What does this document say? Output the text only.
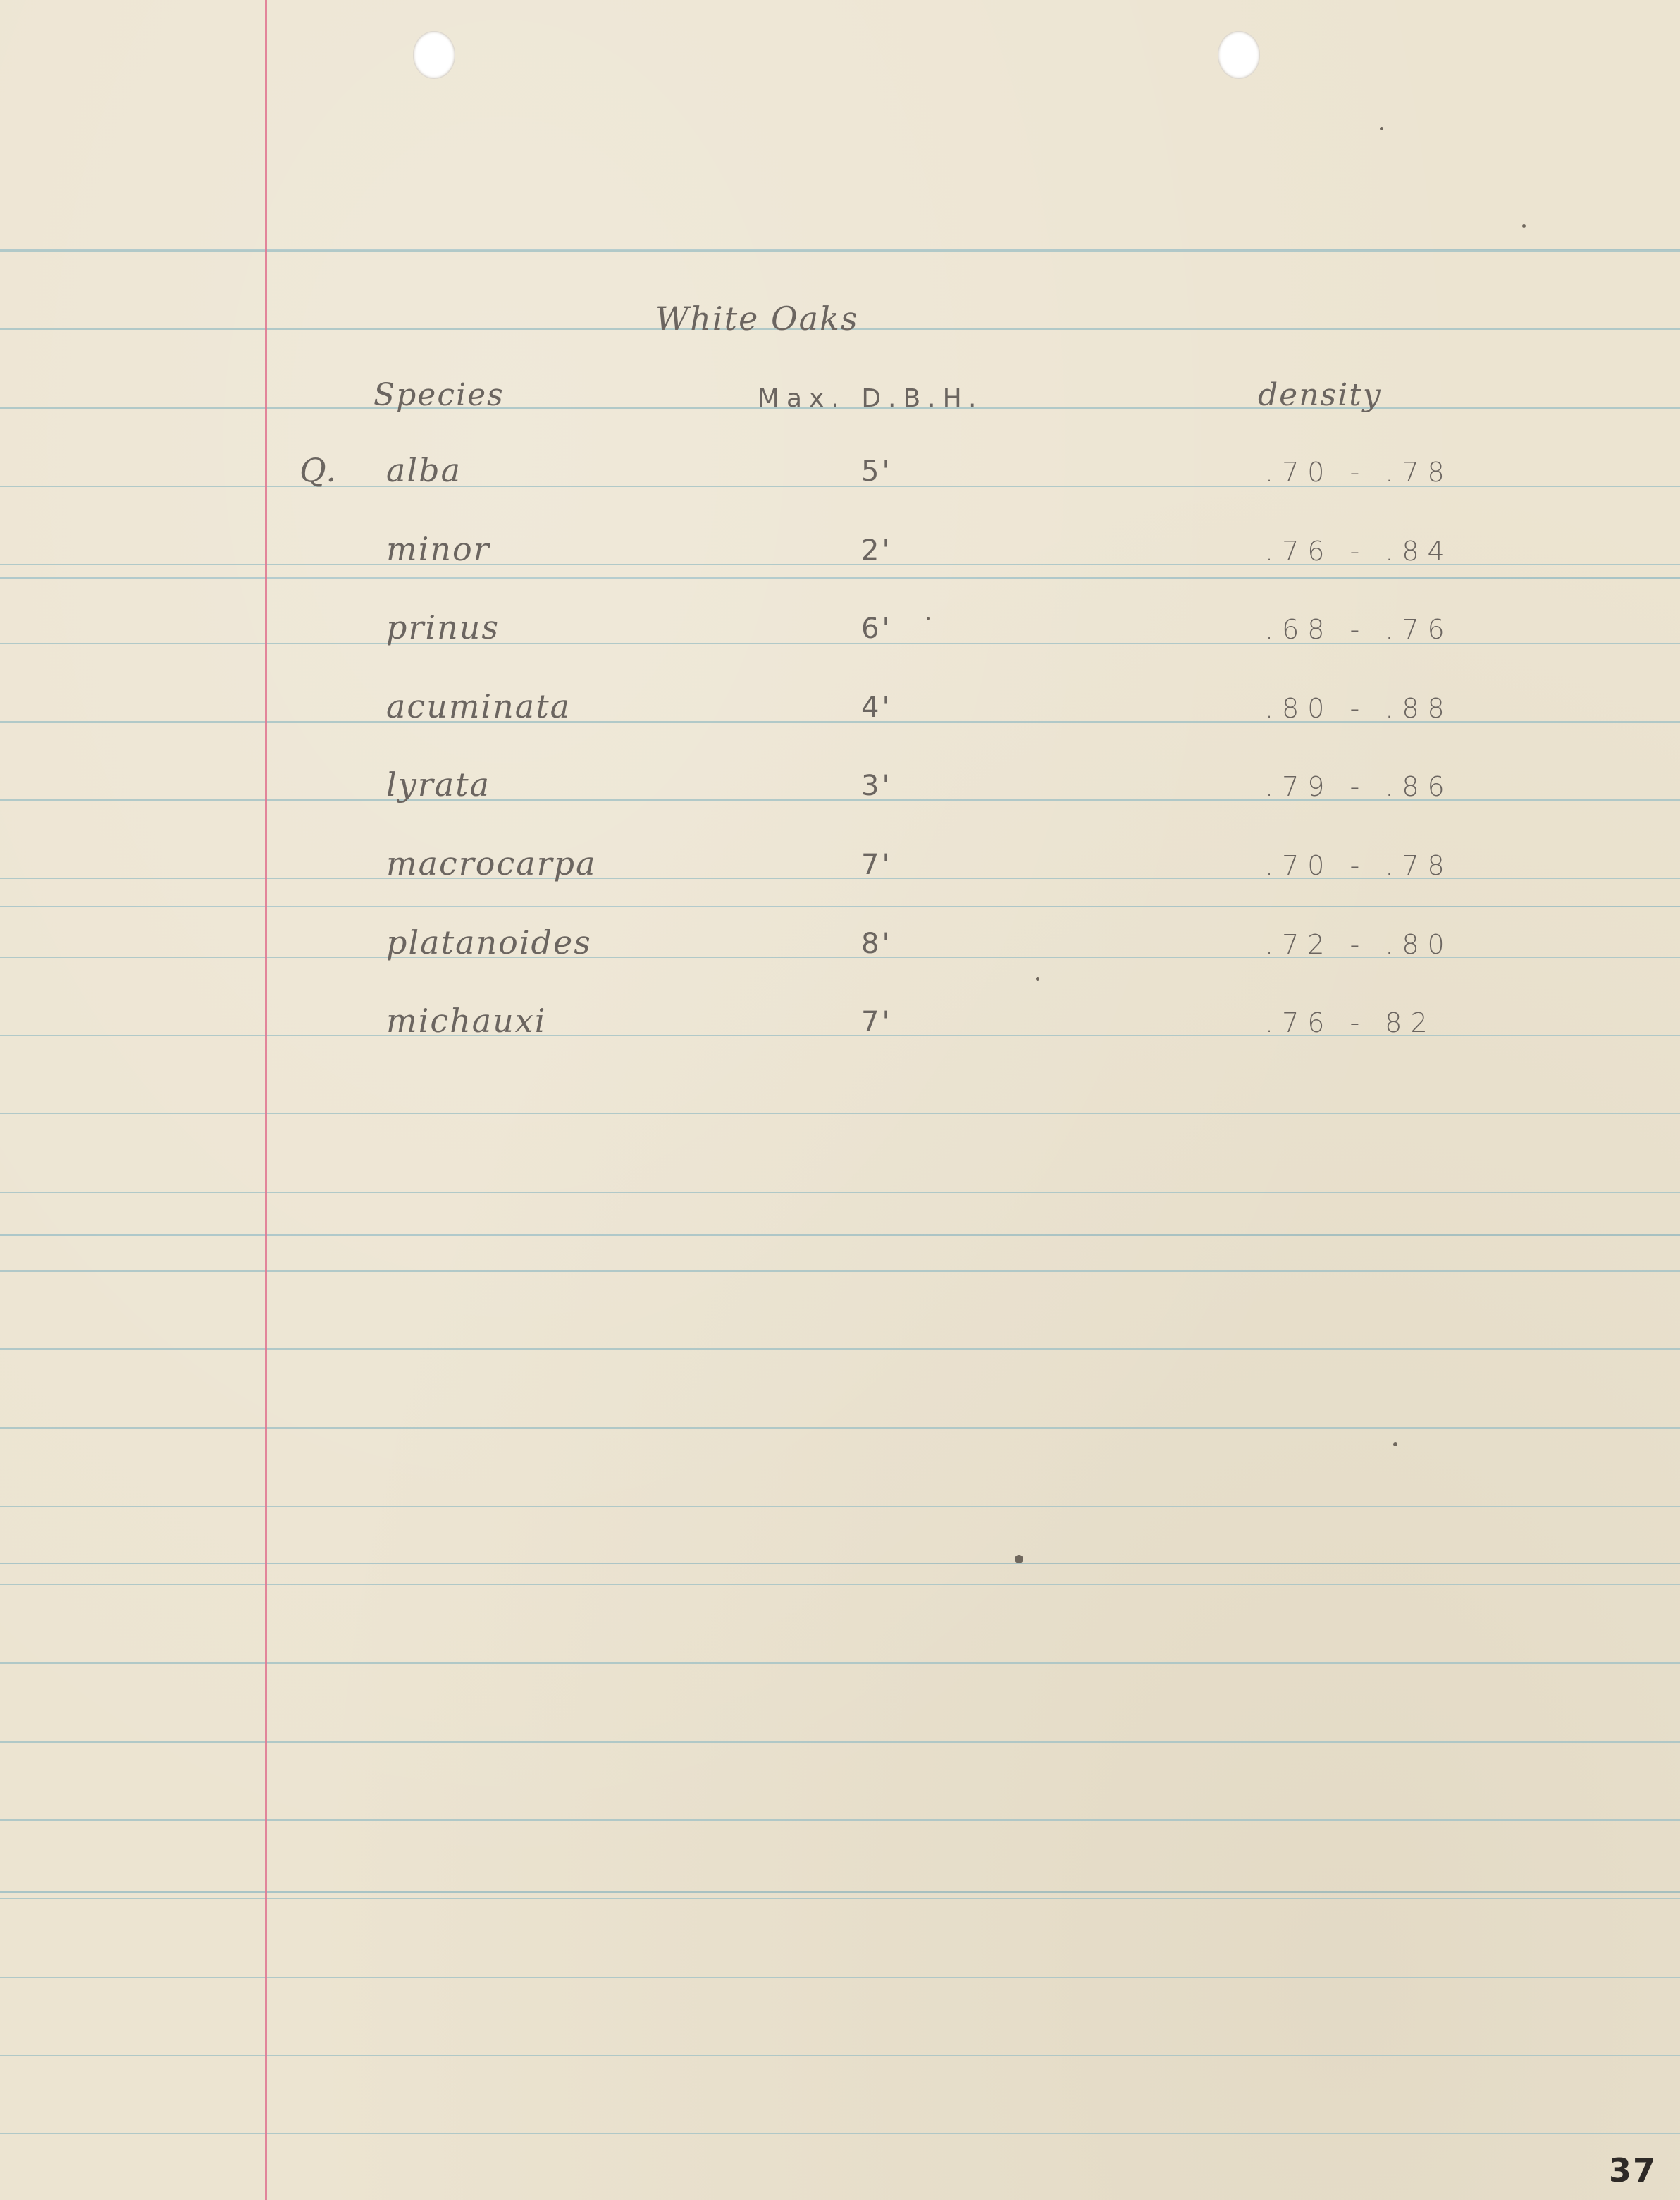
White Oaks
Species	Max. D.B.H.	density
Q. alba	5'	.70 - .78
minor	2'	.76 - .84
prinus	6'	.68 - .76
acuminata	4'	.80 - .88
lyrata	3'	.79 - .86
macrocarpa	7'	.70 - .78
platanoides	8'	.72 - .80
michauxi	7'	.76 - 82
37
